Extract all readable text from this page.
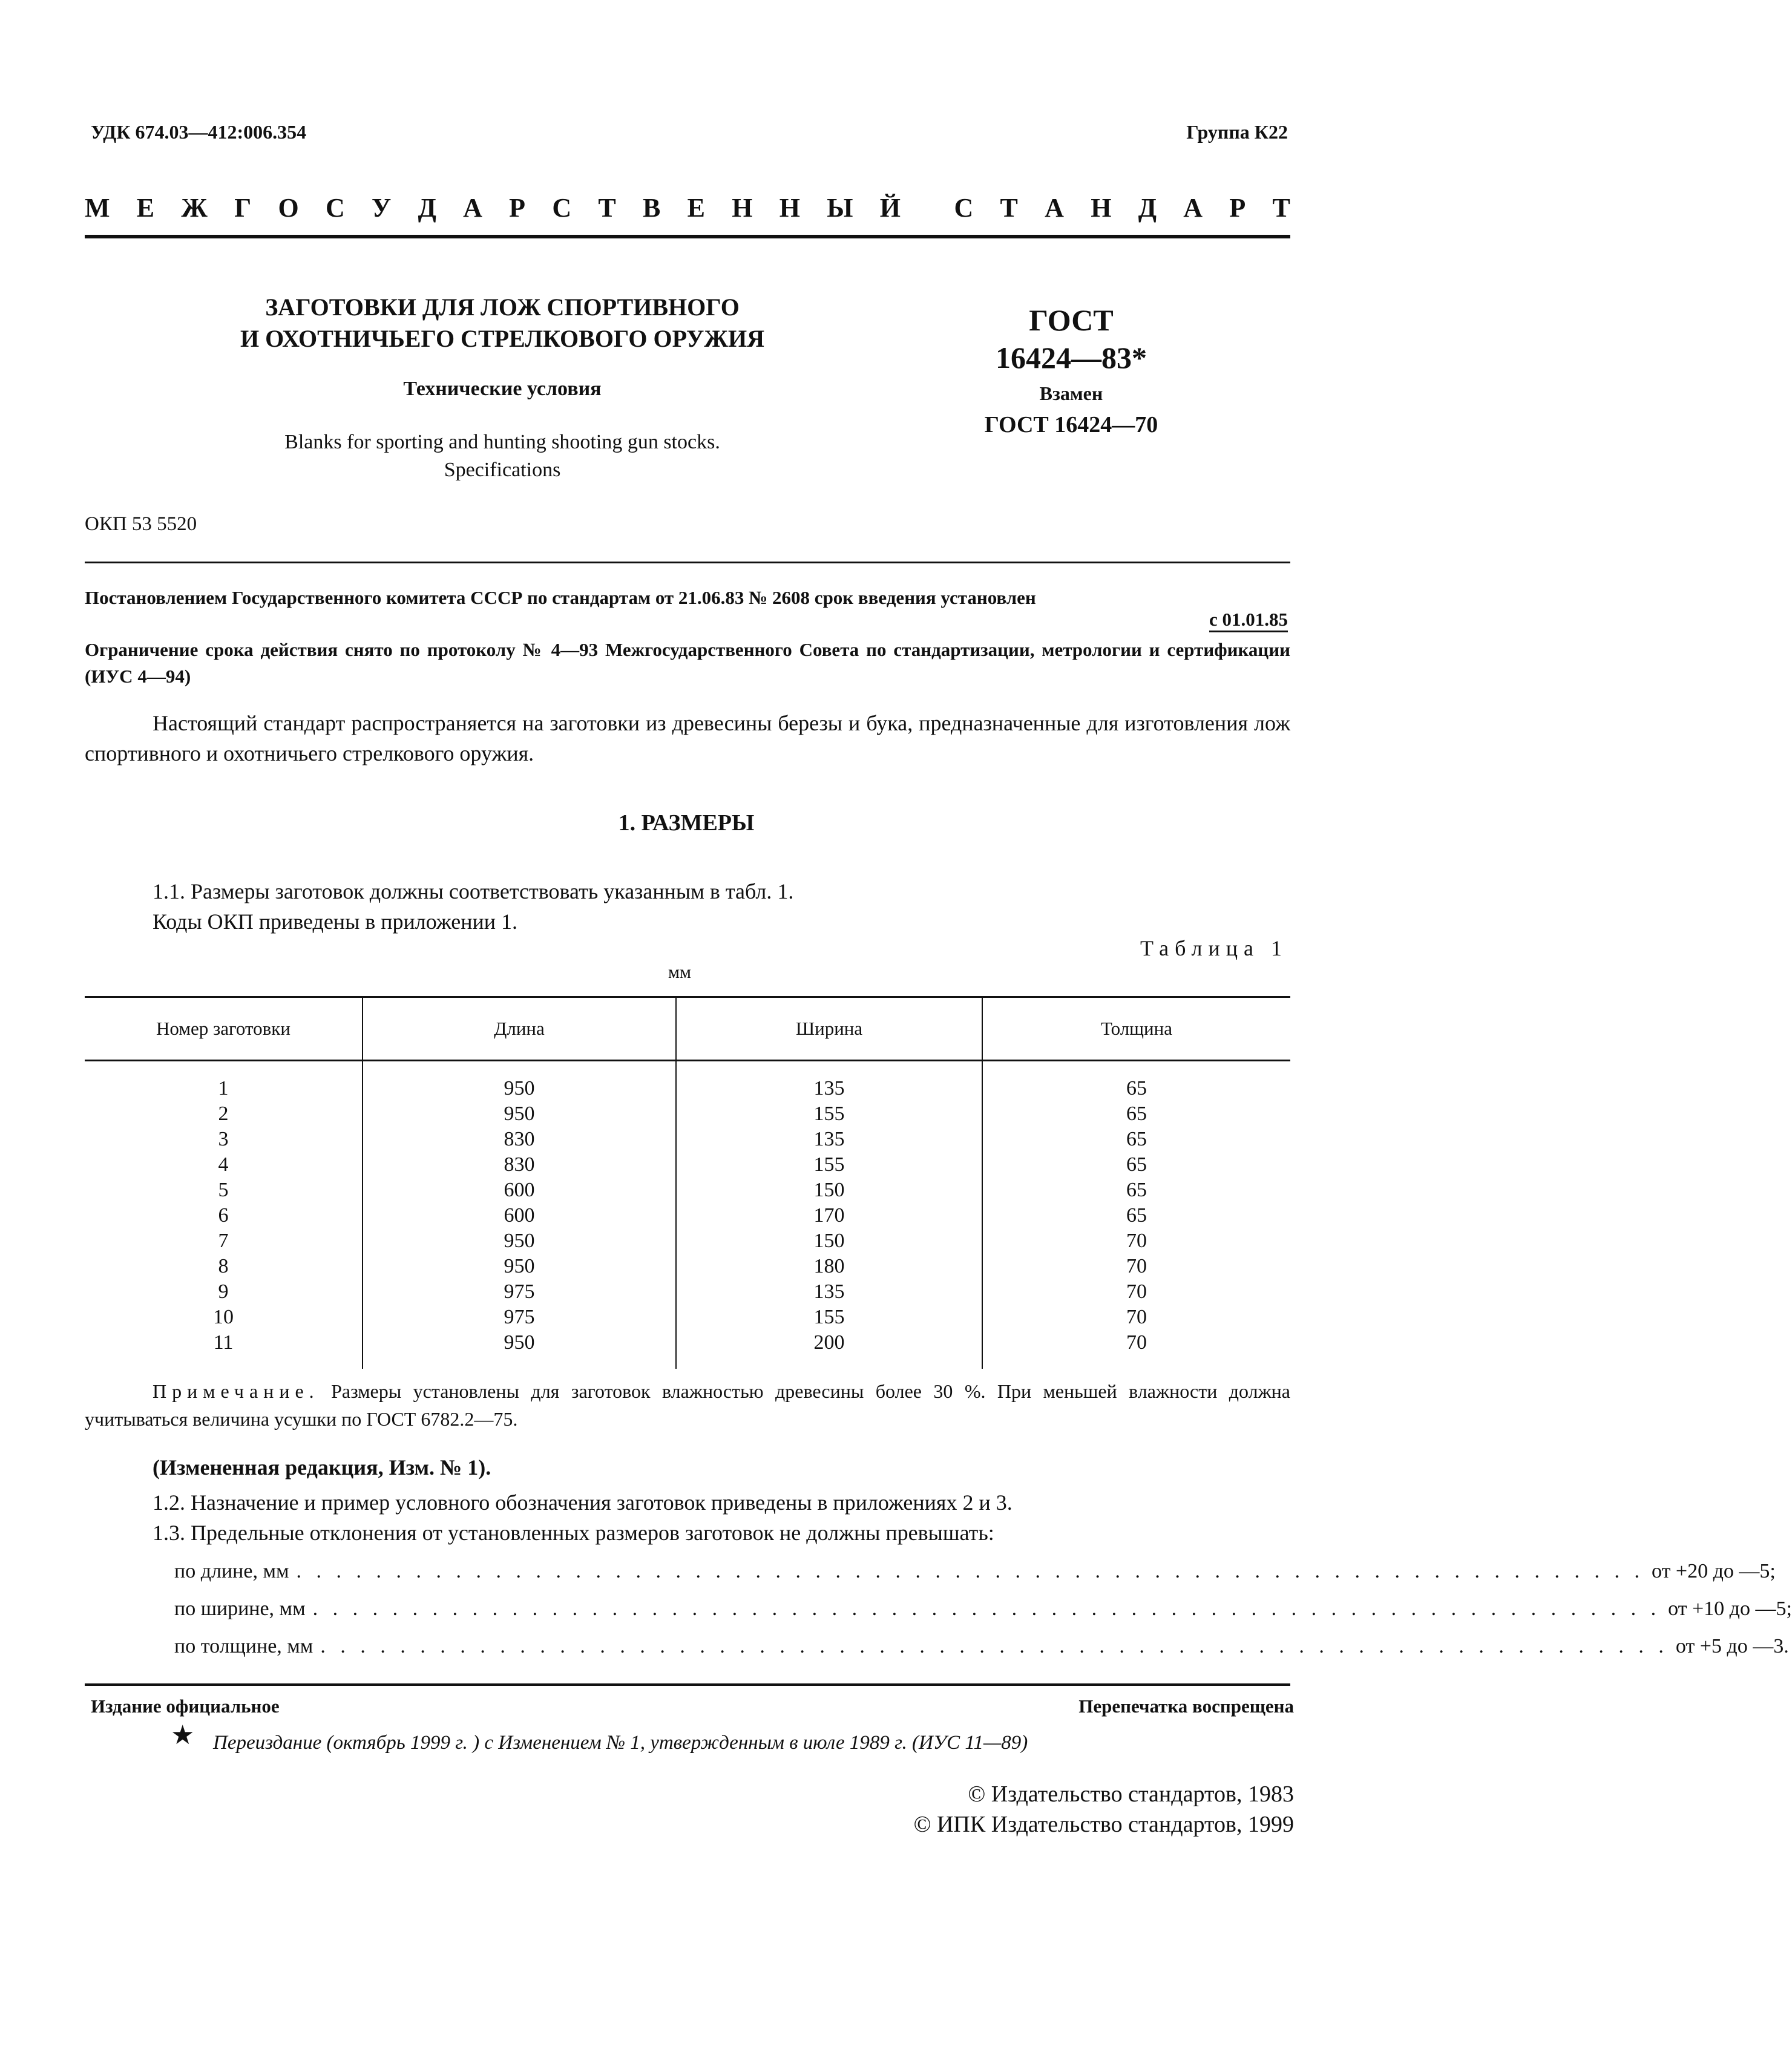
УДК 674.03—412:006.354	Группа К22
М Е Ж Г О С У Д А Р С Т В Е Н Н Ы Й С Т А Н Д А Р Т
ЗАГОТОВКИ ДЛЯ ЛОЖ СПОРТИВНОГО
И ОХОТНИЧЬЕГО СТРЕЛКОВОГО ОРУЖИЯ
Технические условия
Blanks for sporting and hunting shooting gun stocks.
Specifications
ГОСТ
16424—83*
Взамен
ГОСТ 16424—70
ОКП 53 5520
Постановлением Государственного комитета СССР по стандартам от 21.06.83 № 2608 срок введения установлен
с 01.01.85
Ограничение срока действия снято по протоколу № 4—93 Межгосударственного Совета по стандартизации, метрологии и сертификации (ИУС 4—94)
Настоящий стандарт распространяется на заготовки из древесины березы и бука, предназначенные для изготовления лож спортивного и охотничьего стрелкового оружия.
1. РАЗМЕРЫ
1.1. Размеры заготовок должны соответствовать указанным в табл. 1.
Коды ОКП приведены в приложении 1.
Таблица 1
мм
Номер заготовки	Длина	Ширина	Толщина
1	950	135	65
2	950	155	65
3	830	135	65
4	830	155	65
5	600	150	65
6	600	170	65
7	950	150	70
8	950	180	70
9	975	135	70
10	975	155	70
11	950	200	70
Примечание. Размеры установлены для заготовок влажностью древесины более 30 %. При меньшей влажности должна учитываться величина усушки по ГОСТ 6782.2—75.
(Измененная редакция, Изм. № 1).
1.2. Назначение и пример условного обозначения заготовок приведены в приложениях 2 и 3.
1.3. Предельные отклонения от установленных размеров заготовок не должны превышать:
по длине, мм . . . . . . . . . . . . . . . . . . . . . . . . . . . . . . . . . . . . . . . . . . . . . . . . . . . . . . . . . . . . . . . . . . . . от +20 до —5;
по ширине, мм . . . . . . . . . . . . . . . . . . . . . . . . . . . . . . . . . . . . . . . . . . . . . . . . . . . . . . . . . . . . . . . . . . . . от +10 до —5;
по толщине, мм . . . . . . . . . . . . . . . . . . . . . . . . . . . . . . . . . . . . . . . . . . . . . . . . . . . . . . . . . . . . . . . . . . . . от +5 до —3.
Издание официальное	Перепечатка воспрещена
★ Переиздание (октябрь 1999 г. ) с Изменением № 1, утвержденным в июле 1989 г. (ИУС 11—89)
© Издательство стандартов, 1983
© ИПК Издательство стандартов, 1999
